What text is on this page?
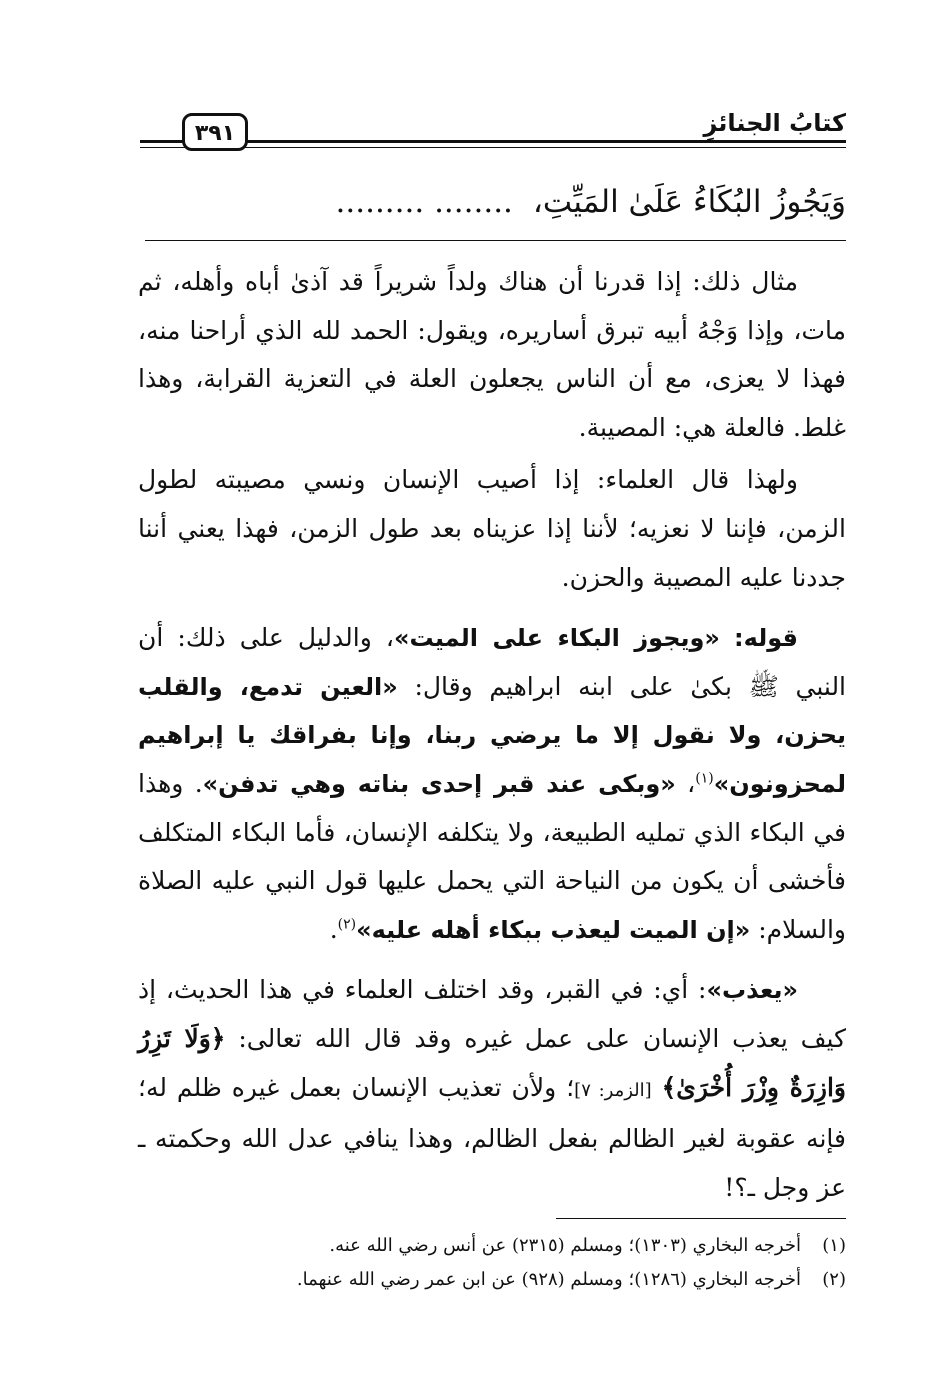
كتابُ الجنائزِ
٣٩١
وَيَجُوزُ البُكَاءُ عَلَىٰ المَيِّتِ،........ .........

مثال ذلك: إذا قدرنا أن هناك ولداً شريراً قد آذىٰ أباه وأهله، ثم مات، وإذا وَجْهُ أبيه تبرق أساريره، ويقول: الحمد لله الذي أراحنا منه، فهذا لا يعزى، مع أن الناس يجعلون العلة في التعزية القرابة، وهذا غلط. فالعلة هي: المصيبة.

ولهذا قال العلماء: إذا أصيب الإنسان ونسي مصيبته لطول الزمن، فإننا لا نعزيه؛ لأننا إذا عزيناه بعد طول الزمن، فهذا يعني أننا جددنا عليه المصيبة والحزن.

قوله: «ويجوز البكاء على الميت»، والدليل على ذلك: أن النبي ﷺ بكىٰ على ابنه ابراهيم وقال: «العين تدمع، والقلب يحزن، ولا نقول إلا ما يرضي ربنا، وإنا بفراقك يا إبراهيم لمحزونون»$^{(١)}$، «وبكى عند قبر إحدى بناته وهي تدفن». وهذا في البكاء الذي تمليه الطبيعة، ولا يتكلفه الإنسان، فأما البكاء المتكلف فأخشى أن يكون من النياحة التي يحمل عليها قول النبي عليه الصلاة والسلام: «إن الميت ليعذب ببكاء أهله عليه»$^{(٢)}$.

«يعذب»: أي: في القبر، وقد اختلف العلماء في هذا الحديث، إذ كيف يعذب الإنسان على عمل غيره وقد قال الله تعالى: ﴿وَلَا تَزِرُ وَازِرَةٌ وِزْرَ أُخْرَىٰ﴾ [الزمر: ٧]؛ ولأن تعذيب الإنسان بعمل غيره ظلم له؛ فإنه عقوبة لغير الظالم بفعل الظالم، وهذا ينافي عدل الله وحكمته ـ عز وجل ـ؟!

(١)
أخرجه البخاري (١٣٠٣)؛ ومسلم (٢٣١٥) عن أنس رضي الله عنه.
(٢)
أخرجه البخاري (١٢٨٦)؛ ومسلم (٩٢٨) عن ابن عمر رضي الله عنهما.
